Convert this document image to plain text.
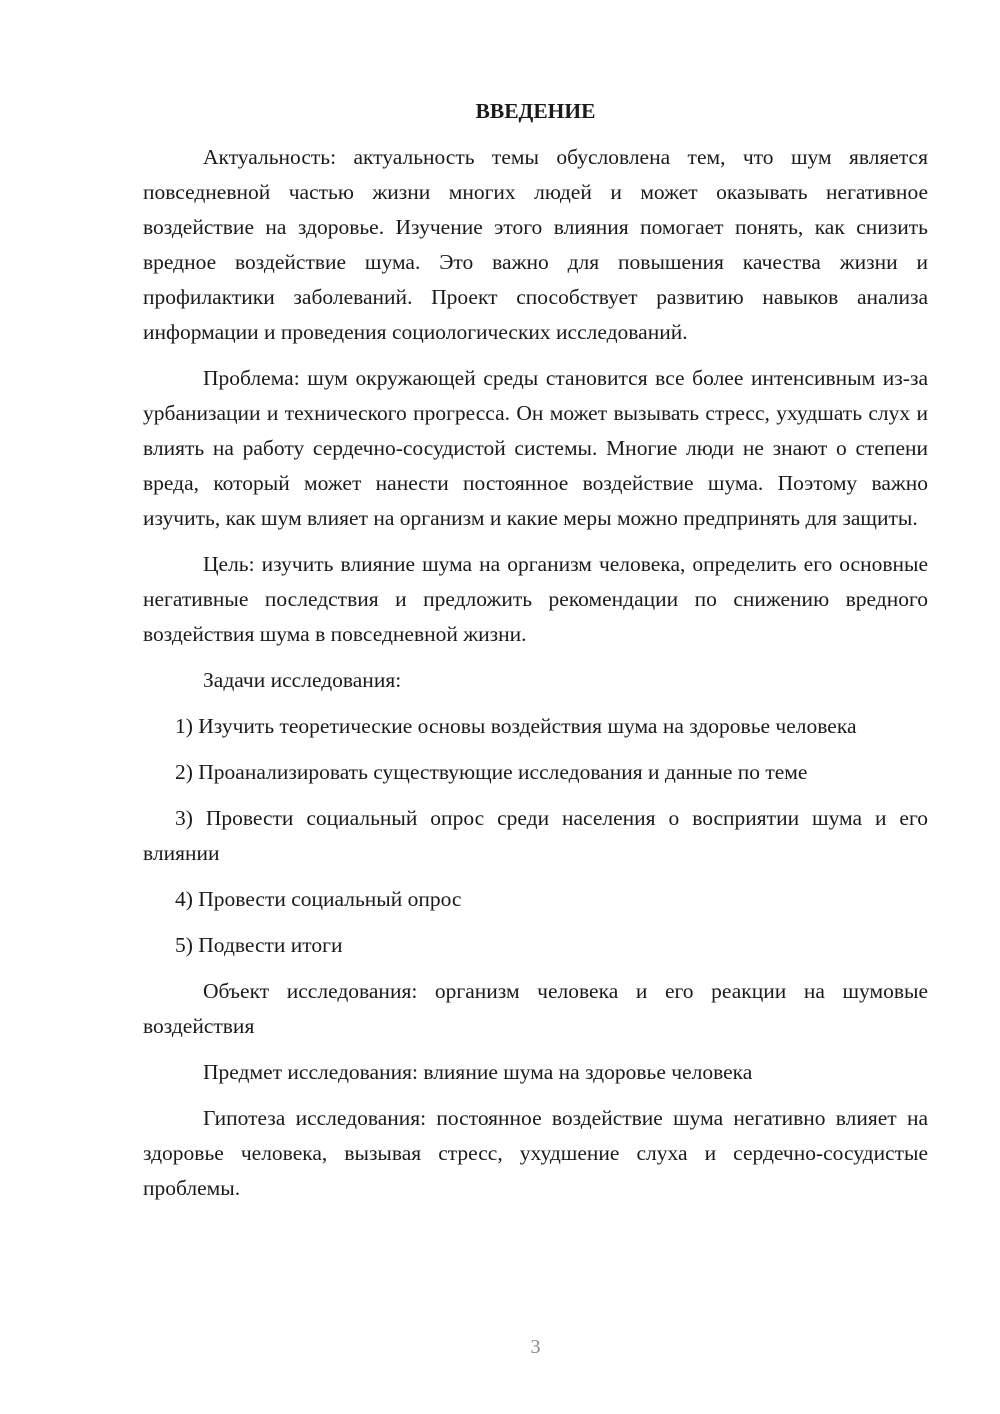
ВВЕДЕНИЕ

Актуальность: актуальность темы обусловлена тем, что шум является повседневной частью жизни многих людей и может оказывать негативное воздействие на здоровье. Изучение этого влияния помогает понять, как снизить вредное воздействие шума. Это важно для повышения качества жизни и профилактики заболеваний. Проект способствует развитию навыков анализа информации и проведения социологических исследований.

Проблема: шум окружающей среды становится все более интенсивным из-за урбанизации и технического прогресса. Он может вызывать стресс, ухудшать слух и влиять на работу сердечно-сосудистой системы. Многие люди не знают о степени вреда, который может нанести постоянное воздействие шума. Поэтому важно изучить, как шум влияет на организм и какие меры можно предпринять для защиты.

Цель: изучить влияние шума на организм человека, определить его основные негативные последствия и предложить рекомендации по снижению вредного воздействия шума в повседневной жизни.

Задачи исследования:

1) Изучить теоретические основы воздействия шума на здоровье человека

2) Проанализировать существующие исследования и данные по теме

3) Провести социальный опрос среди населения о восприятии шума и его влиянии

4) Провести социальный опрос

5) Подвести итоги

Объект исследования: организм человека и его реакции на шумовые воздействия

Предмет исследования: влияние шума на здоровье человека

Гипотеза исследования: постоянное воздействие шума негативно влияет на здоровье человека, вызывая стресс, ухудшение слуха и сердечно-сосудистые проблемы.

3
